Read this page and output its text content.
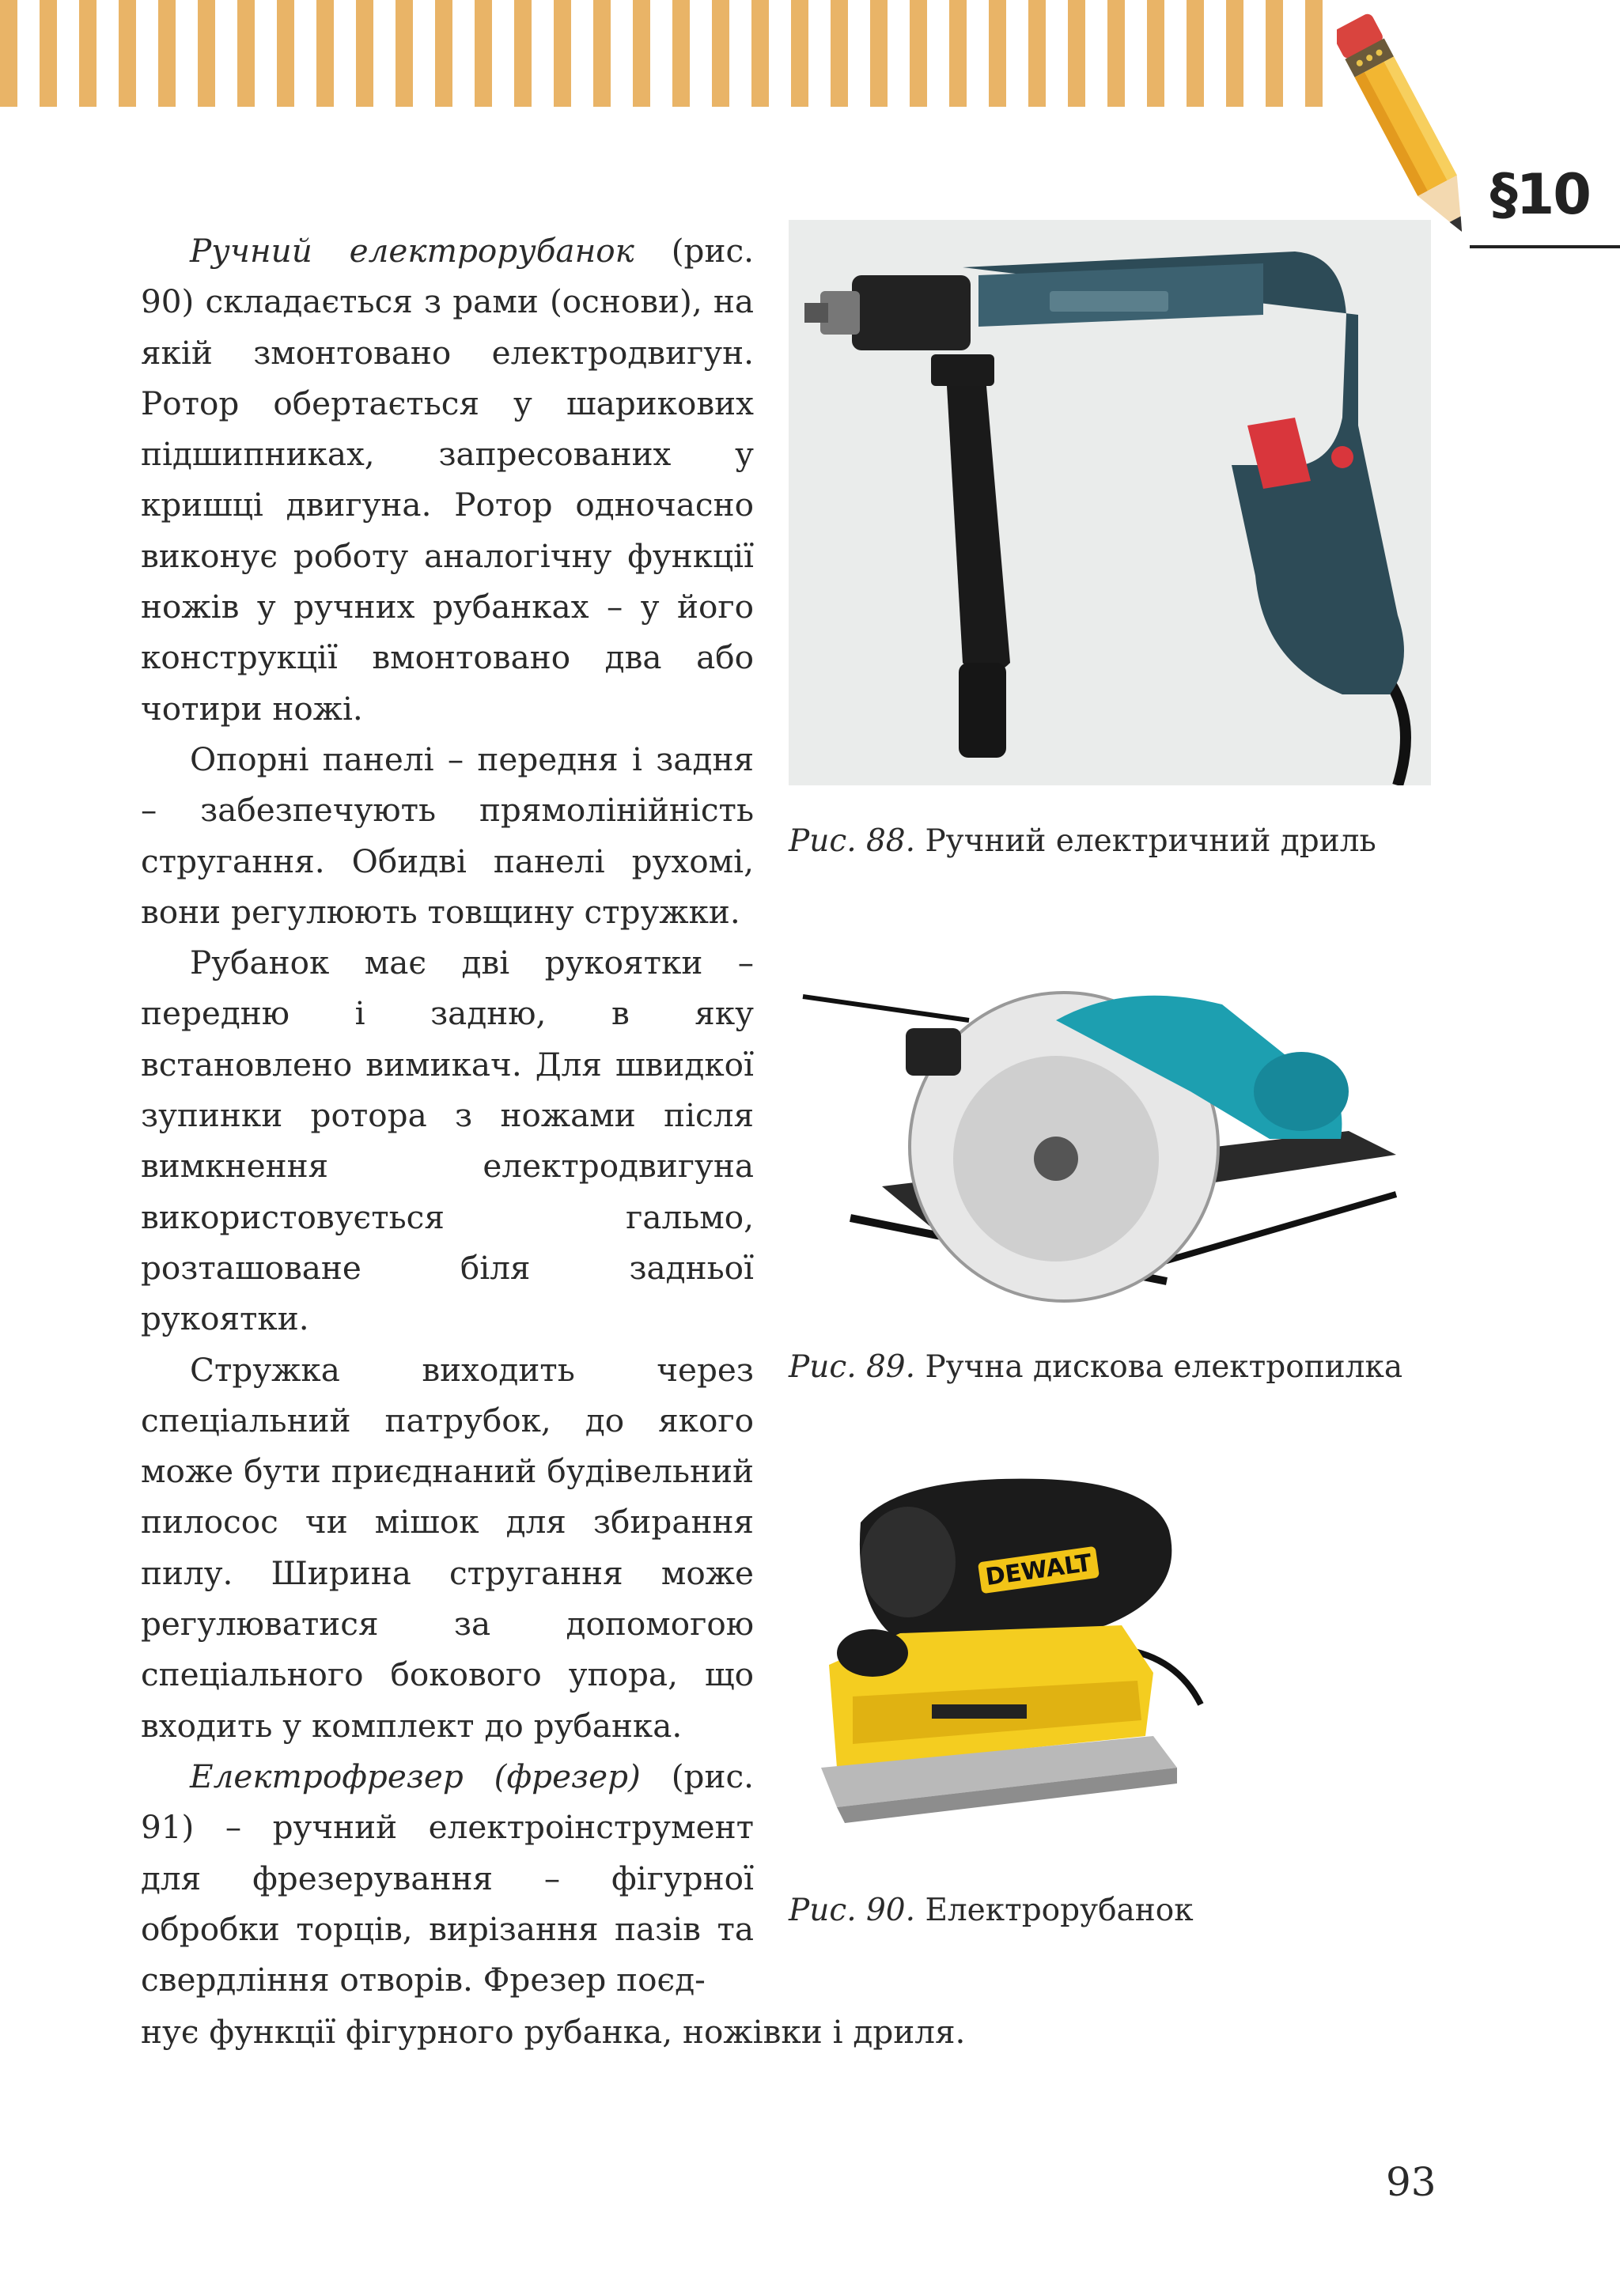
§10

Ручний електрорубанок (рис. 90) складається з рами (основи), на якій змонтовано електродвигун. Ротор обертається у шарикових підшипниках, запресованих у кришці двигуна. Ротор одночасно виконує роботу аналогічну функції ножів у ручних рубанках – у його конструкції вмонтовано два або чотири ножі.

Опорні панелі – передня і задня – забезпечують прямолінійність стругання. Обидві панелі рухомі, вони регулюють товщину стружки.

Рубанок має дві рукоятки – передню і задню, в яку встановлено вимикач. Для швидкої зупинки ротора з ножами після вимкнення електродвигуна використовується гальмо, розташоване біля задньої рукоятки.

Стружка виходить через спеціальний патрубок, до якого може бути приєднаний будівельний пилосос чи мішок для збирання пилу. Ширина стругання може регулюватися за допомогою спеціального бокового упора, що входить у комплект до рубанка.

Електрофрезер (фрезер) (рис. 91) – ручний електроінструмент для фрезерування – фігурної обробки торців, вирізання пазів та свердління отворів. Фрезер поєд-

нує функції фігурного рубанка, ножівки і дриля.
Рис. 88. Ручний електричний дриль
Рис. 89. Ручна дискова електропилка
DEWALT
Рис. 90. Електрорубанок
93
